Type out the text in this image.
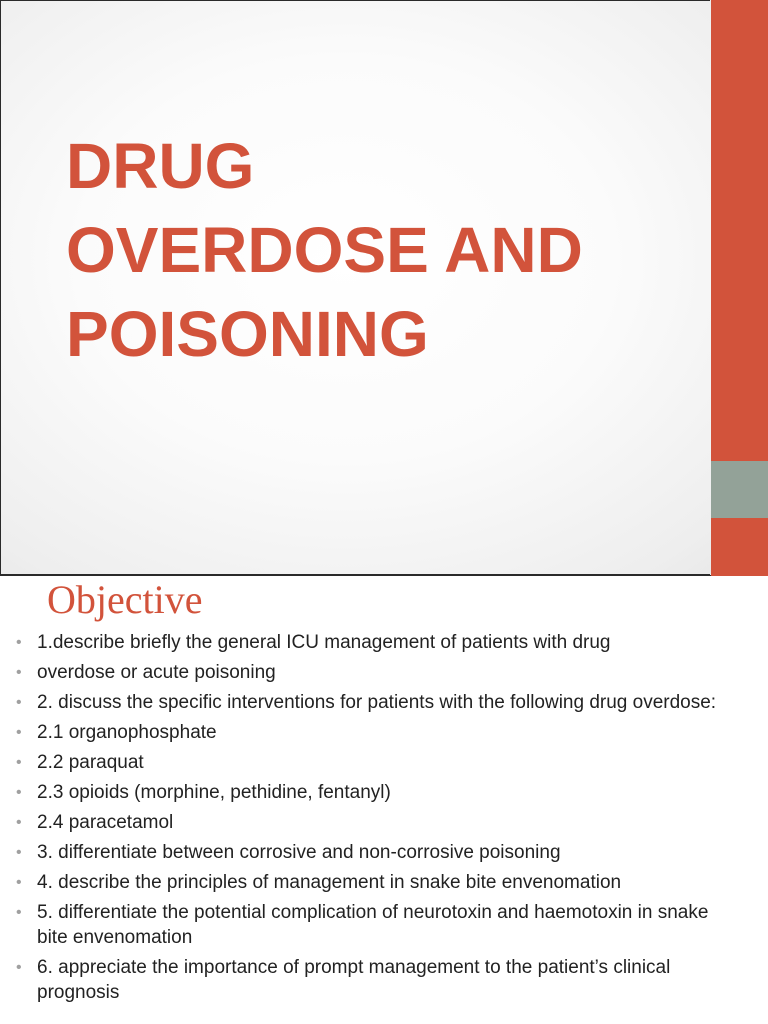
DRUG
OVERDOSE AND
POISONING
Objective
• 1.describe briefly the general ICU management of patients with drug
• overdose or acute poisoning
• 2. discuss the specific interventions for patients with the following drug overdose:
• 2.1 organophosphate
• 2.2 paraquat
• 2.3 opioids (morphine, pethidine, fentanyl)
• 2.4 paracetamol
• 3. differentiate between corrosive and non-corrosive poisoning
• 4. describe the principles of management in snake bite envenomation
• 5. differentiate the potential complication of neurotoxin and haemotoxin in snake bite envenomation
• 6. appreciate the importance of prompt management to the patient’s clinical prognosis
